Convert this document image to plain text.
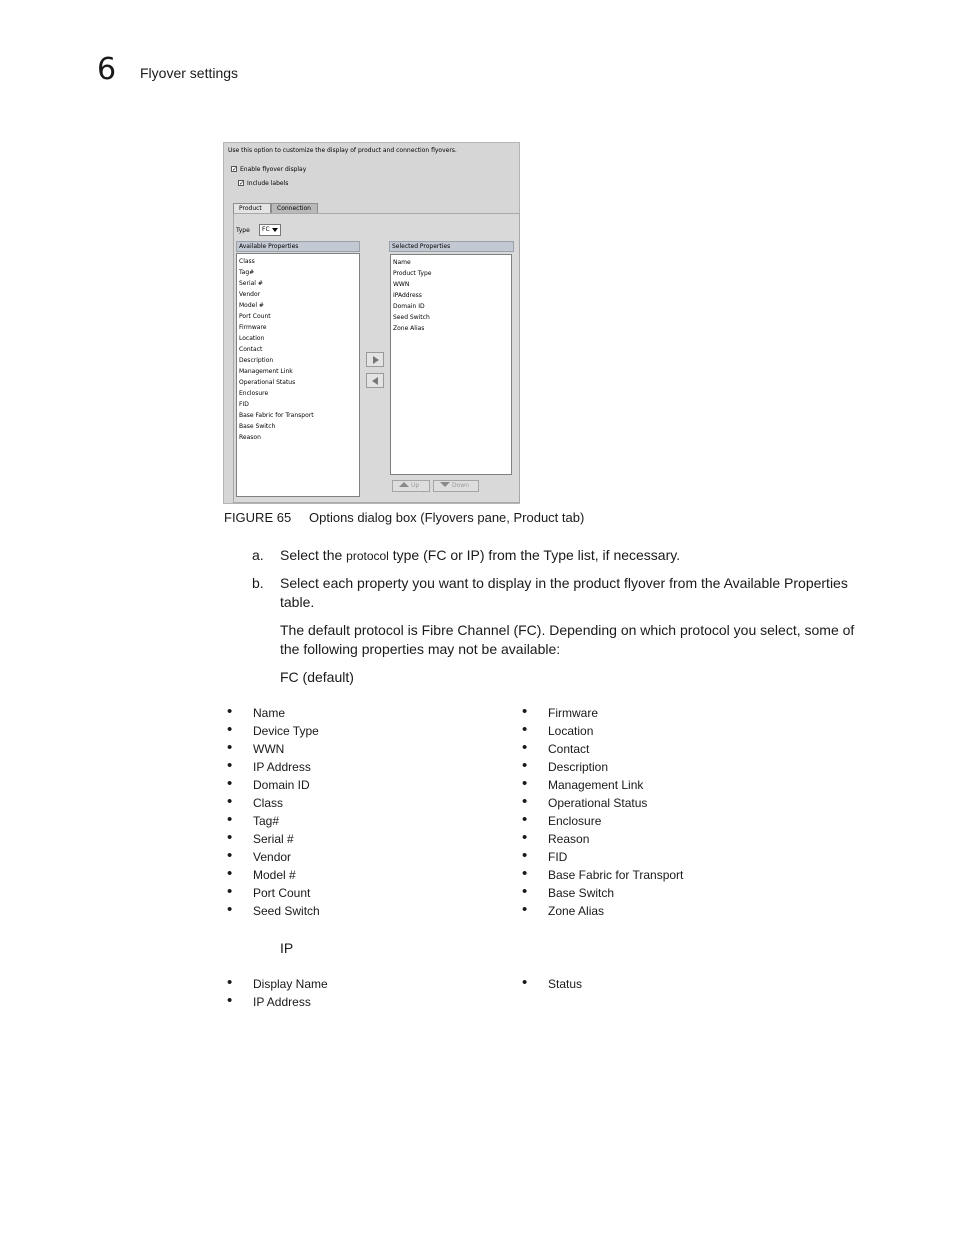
6 Flyover settings
Use this option to customize the display of product and connection flyovers.
✓ Enable flyover display
✓ Include labels
Product	Connection
Type	FC
Available Properties
Class
Tag#
Serial #
Vendor
Model #
Port Count
Firmware
Location
Contact
Description
Management Link
Operational Status
Enclosure
FID
Base Fabric for Transport
Base Switch
Reason
Selected Properties
Name
Product Type
WWN
IPAddress
Domain ID
Seed Switch
Zone Alias
Up	Down
FIGURE 65 Options dialog box (Flyovers pane, Product tab)
a. Select the protocol type (FC or IP) from the Type list, if necessary.
b. Select each property you want to display in the product flyover from the Available Properties table.
The default protocol is Fibre Channel (FC). Depending on which protocol you select, some of the following properties may not be available:
FC (default)
• Name
• Device Type
• WWN
• IP Address
• Domain ID
• Class
• Tag#
• Serial #
• Vendor
• Model #
• Port Count
• Seed Switch
• Firmware
• Location
• Contact
• Description
• Management Link
• Operational Status
• Enclosure
• Reason
• FID
• Base Fabric for Transport
• Base Switch
• Zone Alias
IP
• Display Name
• IP Address
• Status
